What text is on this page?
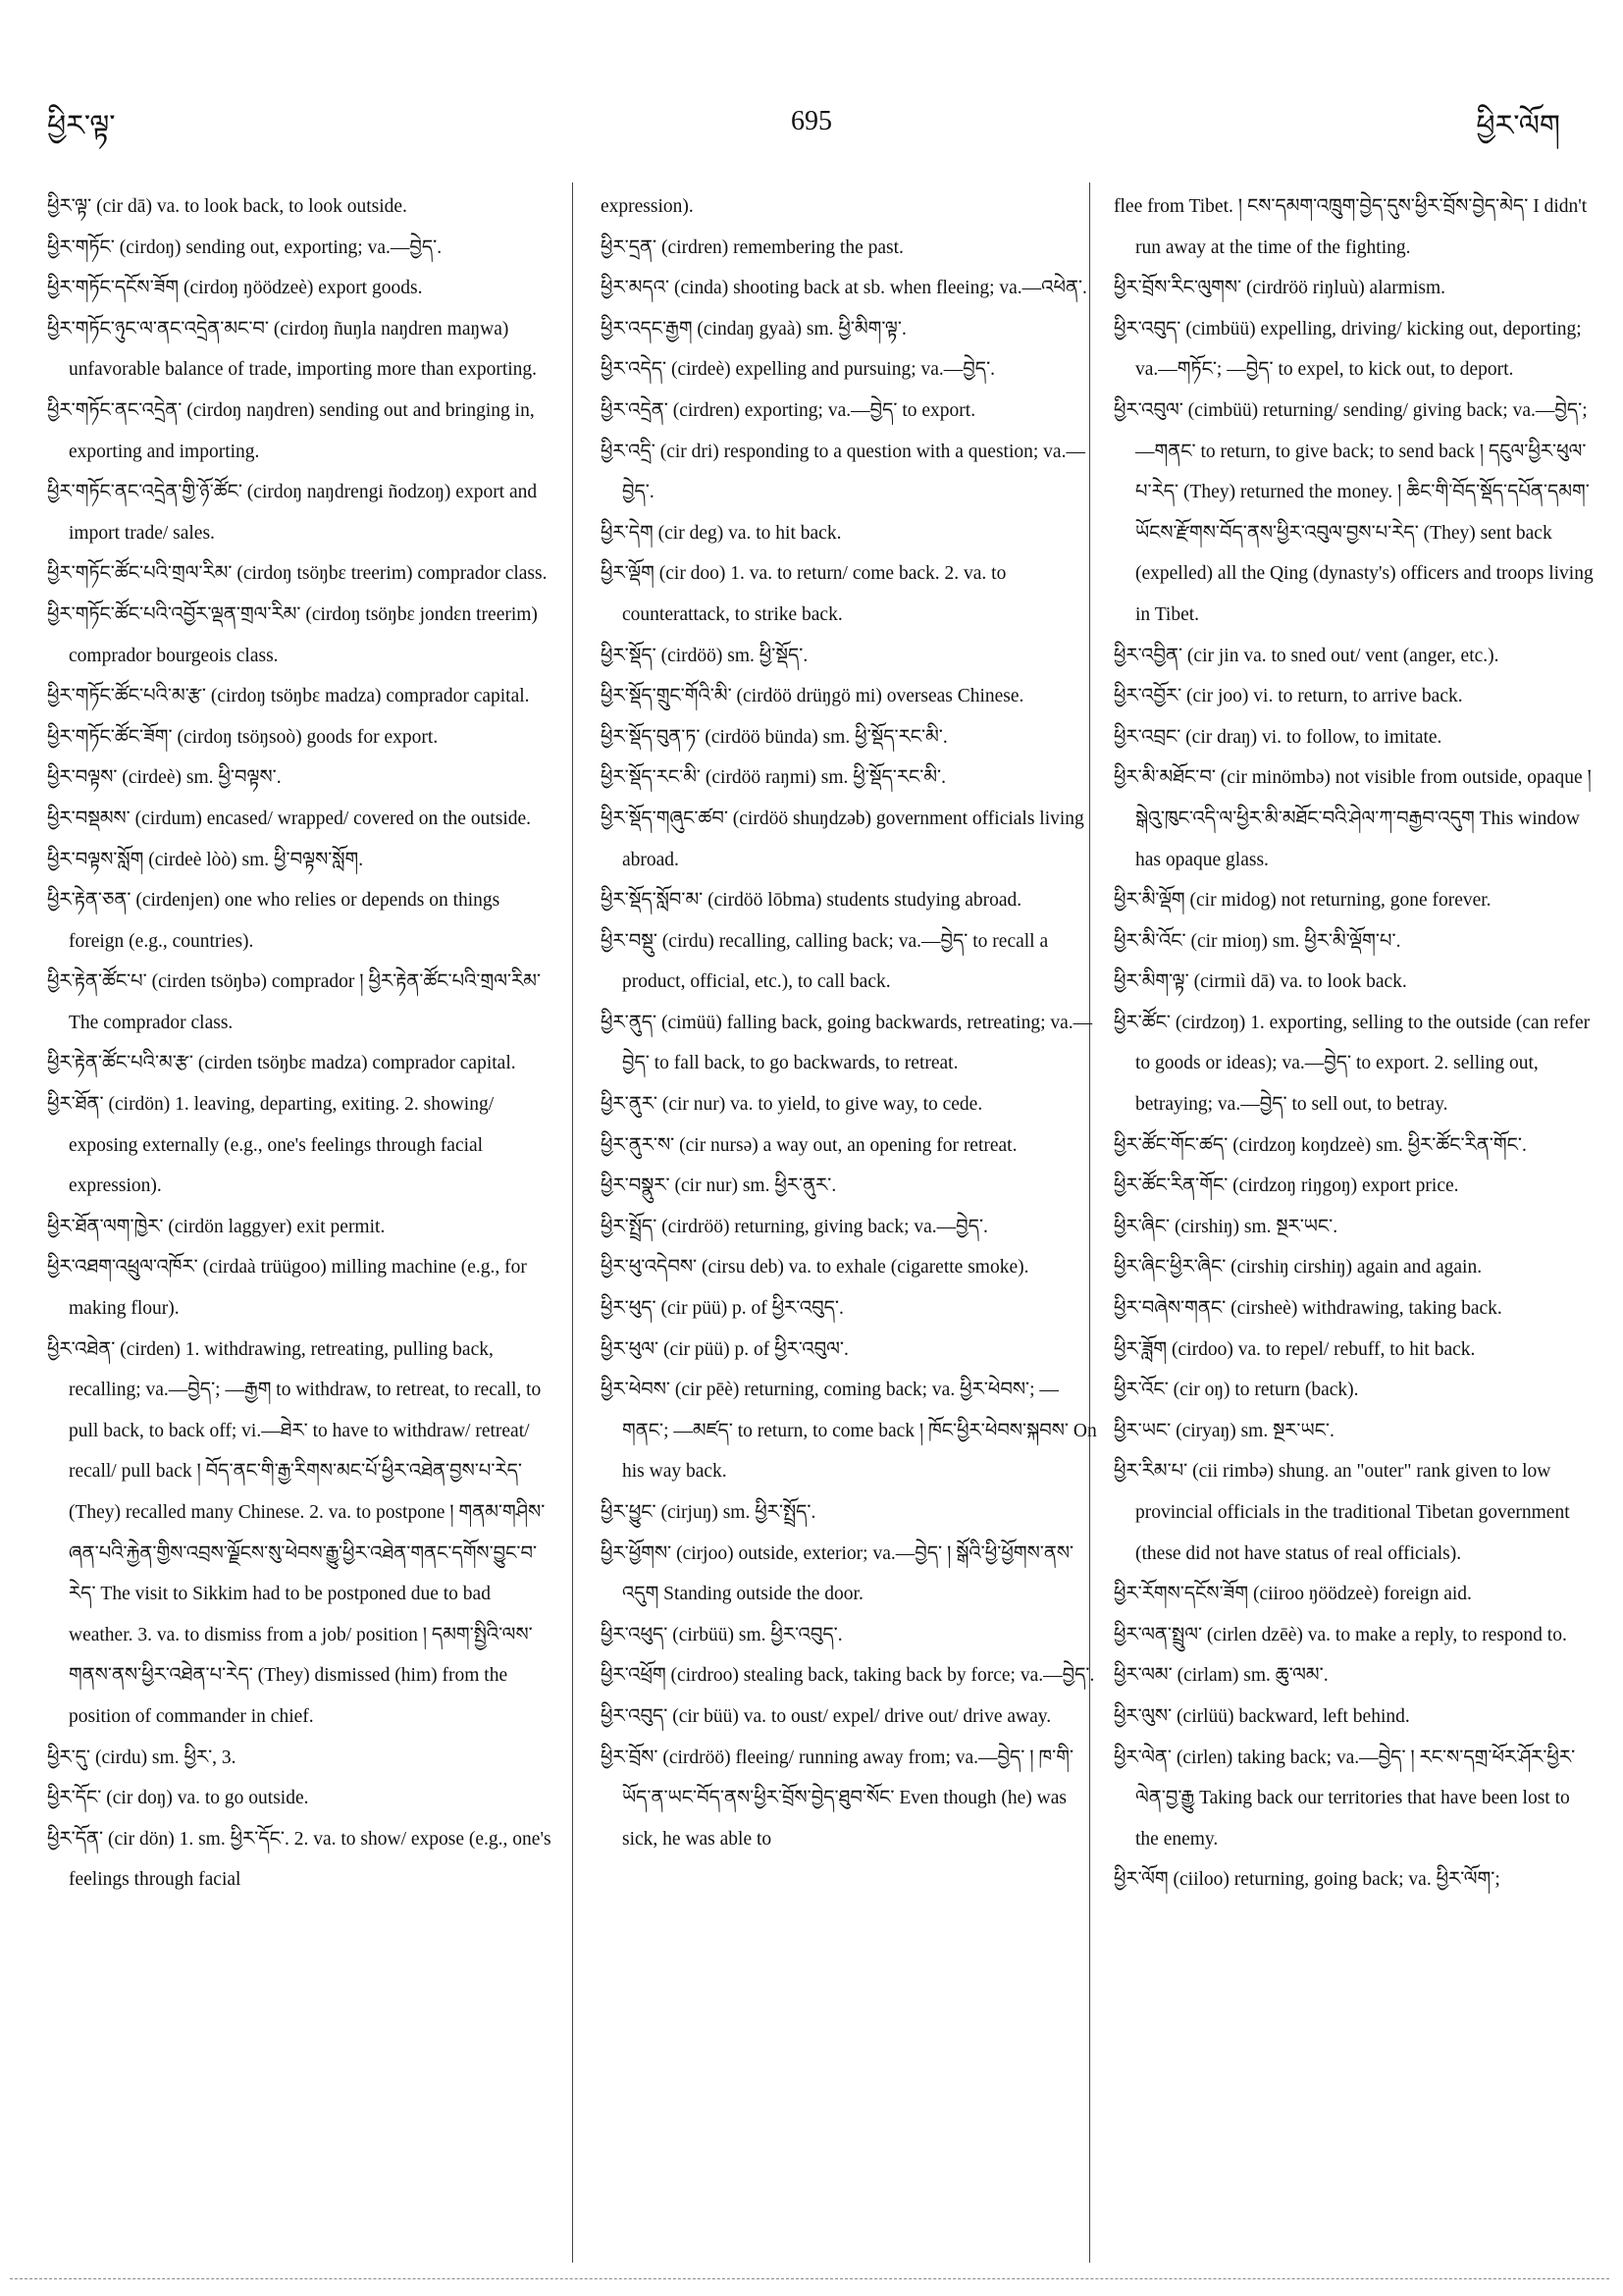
ཕྱིར་ལྟ་	695	ཕྱིར་ལོག

ཕྱིར་ལྟ་ (cir dā) va. to look back, to look outside.

ཕྱིར་གཏོང་ (cirdoŋ) sending out, exporting; va.—བྱེད་.

ཕྱིར་གཏོང་དངོས་ཟོག (cirdoŋ ŋöödzeè) export goods.

ཕྱིར་གཏོང་ཉུང་ལ་ནང་འདྲེན་མང་བ་ (cirdoŋ ñuŋla naŋdren maŋwa) unfavorable balance of trade, importing more than exporting.

ཕྱིར་གཏོང་ནང་འདྲེན་ (cirdoŋ naŋdren) sending out and bringing in, exporting and importing.

ཕྱིར་གཏོང་ནང་འདྲེན་གྱི་ཉོ་ཚོང་ (cirdoŋ naŋdrengi ñodzoŋ) export and import trade/ sales.

ཕྱིར་གཏོང་ཚོང་པའི་གྲལ་རིམ་ (cirdoŋ tsöŋbɛ treerim) comprador class.

ཕྱིར་གཏོང་ཚོང་པའི་འབྱོར་ལྡན་གྲལ་རིམ་ (cirdoŋ tsöŋbɛ jondɛn treerim) comprador bourgeois class.

ཕྱིར་གཏོང་ཚོང་པའི་མ་རྩ་ (cirdoŋ tsöŋbɛ madza) comprador capital.

ཕྱིར་གཏོང་ཚོང་ཟོག་ (cirdoŋ tsöŋsoò) goods for export.

ཕྱིར་བལྟས་ (cirdeè) sm. ཕྱི་བལྟས་.

ཕྱིར་བསྡམས་ (cirdum) encased/ wrapped/ covered on the outside.

ཕྱིར་བལྟས་སློག (cirdeè lòò) sm. ཕྱི་བལྟས་སློག.

ཕྱིར་རྟེན་ཅན་ (cirdenjen) one who relies or depends on things foreign (e.g., countries).

ཕྱིར་རྟེན་ཚོང་པ་ (cirden tsöŋbə) comprador ། ཕྱིར་རྟེན་ཚོང་པའི་གྲལ་རིམ་ The comprador class.

ཕྱིར་རྟེན་ཚོང་པའི་མ་རྩ་ (cirden tsöŋbɛ madza) comprador capital.

ཕྱིར་ཐོན་ (cirdön) 1. leaving, departing, exiting. 2. showing/ exposing externally (e.g., one's feelings through facial expression).

ཕྱིར་ཐོན་ལག་ཁྱེར་ (cirdön laggyer) exit permit.

ཕྱིར་འཐག་འཕྲུལ་འཁོར་ (cirdaà trüügoo) milling machine (e.g., for making flour).

ཕྱིར་འཐེན་ (cirden) 1. withdrawing, retreating, pulling back, recalling; va.—བྱེད་; —རྒྱག to withdraw, to retreat, to recall, to pull back, to back off; vi.—ཐེར་ to have to withdraw/ retreat/ recall/ pull back ། བོད་ནང་གི་རྒྱ་རིགས་མང་པོ་ཕྱིར་འཐེན་བྱས་པ་རེད་ (They) recalled many Chinese. 2. va. to postpone ། གནམ་གཤིས་ཞན་པའི་རྐྱེན་གྱིས་འབྲས་ལྗོངས་སུ་ཕེབས་རྒྱུ་ཕྱིར་འཐེན་གནང་དགོས་བྱུང་བ་རེད་ The visit to Sikkim had to be postponed due to bad weather. 3. va. to dismiss from a job/ position ། དམག་སྤྱིའི་ལས་གནས་ནས་ཕྱིར་འཐེན་པ་རེད་ (They) dismissed (him) from the position of commander in chief.

ཕྱིར་དུ་ (cirdu) sm. ཕྱིར་, 3.

ཕྱིར་དོང་ (cir doŋ) va. to go outside.

ཕྱིར་དོན་ (cir dön) 1. sm. ཕྱིར་དོང་. 2. va. to show/ expose (e.g., one's feelings through facial

expression).

ཕྱིར་དྲན་ (cirdren) remembering the past.

ཕྱིར་མདའ་ (cinda) shooting back at sb. when fleeing; va.—འཕེན་.

ཕྱིར་འདང་རྒྱག (cindaŋ gyaà) sm. ཕྱི་མིག་ལྟ་.

ཕྱིར་འདེད་ (cirdeè) expelling and pursuing; va.—བྱེད་.

ཕྱིར་འདྲེན་ (cirdren) exporting; va.—བྱེད་ to export.

ཕྱིར་འདྲི་ (cir dri) responding to a question with a question; va.—བྱེད་.

ཕྱིར་དེག (cir deg) va. to hit back.

ཕྱིར་ལྡོག (cir doo) 1. va. to return/ come back. 2. va. to counterattack, to strike back.

ཕྱིར་སྡོད་ (cirdöö) sm. ཕྱི་སྡོད་.

ཕྱིར་སྡོད་གྲུང་གོའི་མི་ (cirdöö drüŋgö mi) overseas Chinese.

ཕྱིར་སྡོད་བུན་ཏ་ (cirdöö bünda) sm. ཕྱི་སྡོད་རང་མི་.

ཕྱིར་སྡོད་རང་མི་ (cirdöö raŋmi) sm. ཕྱི་སྡོད་རང་མི་.

ཕྱིར་སྡོད་གཞུང་ཚབ་ (cirdöö shuŋdzəb) government officials living abroad.

ཕྱིར་སྡོད་སློབ་མ་ (cirdöö lōbma) students studying abroad.

ཕྱིར་བསྡུ་ (cirdu) recalling, calling back; va.—བྱེད་ to recall a product, official, etc.), to call back.

ཕྱིར་ནུད་ (cimüü) falling back, going backwards, retreating; va.—བྱེད་ to fall back, to go backwards, to retreat.

ཕྱིར་ནུར་ (cir nur) va. to yield, to give way, to cede.

ཕྱིར་ནུར་ས་ (cir nursə) a way out, an opening for retreat.

ཕྱིར་བསྣུར་ (cir nur) sm. ཕྱིར་ནུར་.

ཕྱིར་སྤྲོད་ (cirdröö) returning, giving back; va.—བྱེད་.

ཕྱིར་ཕུ་འདེབས་ (cirsu deb) va. to exhale (cigarette smoke).

ཕྱིར་ཕུད་ (cir püü) p. of ཕྱིར་འབུད་.

ཕྱིར་ཕུལ་ (cir püü) p. of ཕྱིར་འབུལ་.

ཕྱིར་ཕེབས་ (cir pēè) returning, coming back; va. ཕྱིར་ཕེབས་; —གནང་; —མཛད་ to return, to come back ། ཁོང་ཕྱིར་ཕེབས་སྐབས་ On his way back.

ཕྱིར་ཕྱུང་ (cirjuŋ) sm. ཕྱིར་སྤྲོད་.

ཕྱིར་ཕྱོགས་ (cirjoo) outside, exterior; va.—བྱེད་ ། སྒོའི་ཕྱི་ཕྱོགས་ནས་འདུག Standing outside the door.

ཕྱིར་འཕུད་ (cirbüü) sm. ཕྱིར་འབུད་.

ཕྱིར་འཕྲོག (cirdroo) stealing back, taking back by force; va.—བྱེད་.

ཕྱིར་འབུད་ (cir büü) va. to oust/ expel/ drive out/ drive away.

ཕྱིར་བྲོས་ (cirdröö) fleeing/ running away from; va.—བྱེད་ ། ཁ་གི་ཡོད་ན་ཡང་བོད་ནས་ཕྱིར་བྲོས་བྱེད་ཐུབ་སོང་ Even though (he) was sick, he was able to

flee from Tibet. ། ངས་དམག་འཁྲུག་བྱེད་དུས་ཕྱིར་བྲོས་བྱེད་མེད་ I didn't run away at the time of the fighting.

ཕྱིར་བྲོས་རིང་ལུགས་ (cirdröö riŋluù) alarmism.

ཕྱིར་འབུད་ (cimbüü) expelling, driving/ kicking out, deporting; va.—གཏོང་; —བྱེད་ to expel, to kick out, to deport.

ཕྱིར་འབུལ་ (cimbüü) returning/ sending/ giving back; va.—བྱེད་; —གནང་ to return, to give back; to send back ། དངུལ་ཕྱིར་ཕུལ་པ་རེད་ (They) returned the money. ། ཆིང་གི་བོད་སྡོད་དཔོན་དམག་ཡོངས་རྫོགས་བོད་ནས་ཕྱིར་འབུལ་བྱས་པ་རེད་ (They) sent back (expelled) all the Qing (dynasty's) officers and troops living in Tibet.

ཕྱིར་འབྱིན་ (cir jin va. to sned out/ vent (anger, etc.).

ཕྱིར་འབྱོར་ (cir joo) vi. to return, to arrive back.

ཕྱིར་འབྲང་ (cir draŋ) vi. to follow, to imitate.

ཕྱིར་མི་མཐོང་བ་ (cir minömbə) not visible from outside, opaque ། སྒེའུ་ཁུང་འདི་ལ་ཕྱིར་མི་མཐོང་བའི་ཤེལ་ཀ་བརྒྱབ་འདུག This window has opaque glass.

ཕྱིར་མི་ལྡོག (cir midog) not returning, gone forever.

ཕྱིར་མི་འོང་ (cir mioŋ) sm. ཕྱིར་མི་ལྡོག་པ་.

ཕྱིར་མིག་ལྟ་ (cirmiì dā) va. to look back.

ཕྱིར་ཚོང་ (cirdzoŋ) 1. exporting, selling to the outside (can refer to goods or ideas); va.—བྱེད་ to export. 2. selling out, betraying; va.—བྱེད་ to sell out, to betray.

ཕྱིར་ཚོང་གོང་ཚད་ (cirdzoŋ koŋdzeè) sm. ཕྱིར་ཚོང་རིན་གོང་.

ཕྱིར་ཚོང་རིན་གོང་ (cirdzoŋ riŋgoŋ) export price.

ཕྱིར་ཞིང་ (cirshiŋ) sm. སྔར་ཡང་.

ཕྱིར་ཞིང་ཕྱིར་ཞིང་ (cirshiŋ cirshiŋ) again and again.

ཕྱིར་བཞེས་གནང་ (cirsheè) withdrawing, taking back.

ཕྱིར་ཟློག (cirdoo) va. to repel/ rebuff, to hit back.

ཕྱིར་འོང་ (cir oŋ) to return (back).

ཕྱིར་ཡང་ (ciryaŋ) sm. སྔར་ཡང་.

ཕྱིར་རིམ་པ་ (cii rimbə) shung. an "outer" rank given to low provincial officials in the traditional Tibetan government (these did not have status of real officials).

ཕྱིར་རོགས་དངོས་ཟོག (ciiroo ŋöödzeè) foreign aid.

ཕྱིར་ལན་སྤྲུལ་ (cirlen dzēè) va. to make a reply, to respond to.

ཕྱིར་ལམ་ (cirlam) sm. ཆུ་ལམ་.

ཕྱིར་ལུས་ (cirlüü) backward, left behind.

ཕྱིར་ལེན་ (cirlen) taking back; va.—བྱེད་ ། རང་ས་དགྲ་ཕོར་ཤོར་ཕྱིར་ལེན་བྱ་རྒྱུ Taking back our territories that have been lost to the enemy.

ཕྱིར་ལོག (ciiloo) returning, going back; va. ཕྱིར་ལོག་;
